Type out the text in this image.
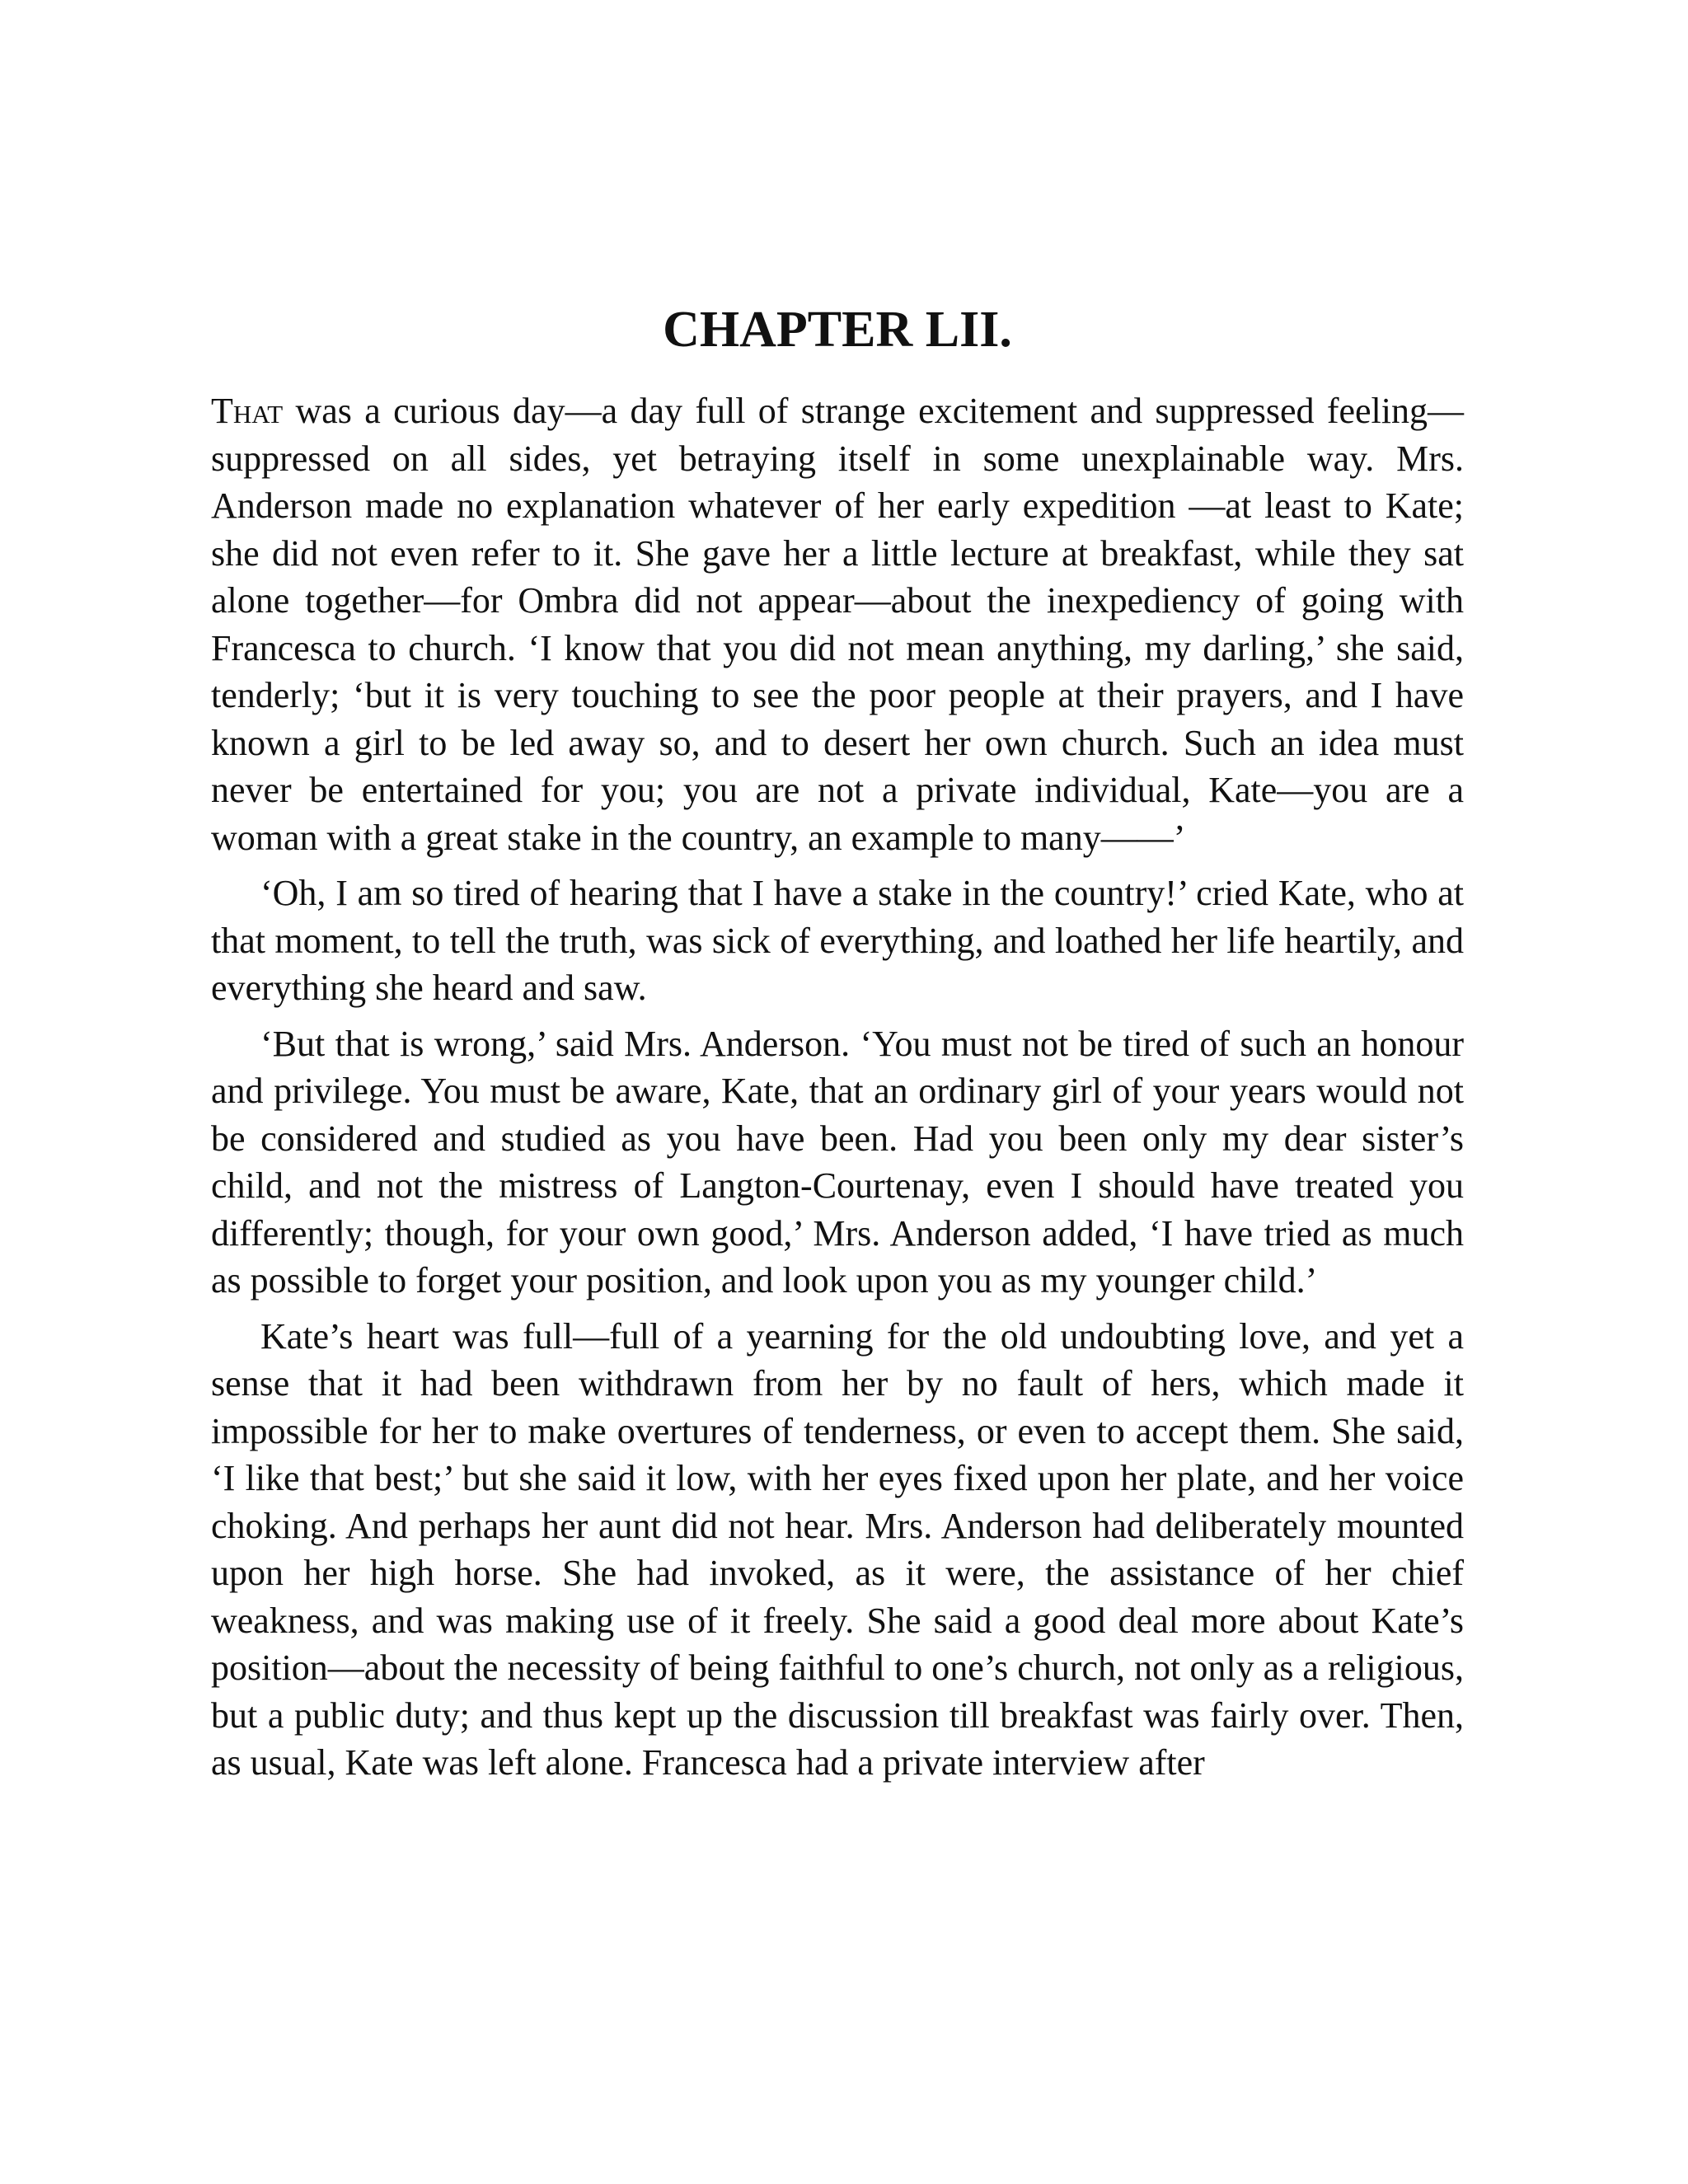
CHAPTER LII.

That was a curious day—a day full of strange excitement and suppressed feeling—suppressed on all sides, yet betraying itself in some unexplainable way. Mrs. Anderson made no explanation whatever of her early expedition —at least to Kate; she did not even refer to it. She gave her a little lecture at breakfast, while they sat alone together—for Ombra did not appear—about the inexpediency of going with Francesca to church. ‘I know that you did not mean anything, my darling,’ she said, tenderly; ‘but it is very touching to see the poor people at their prayers, and I have known a girl to be led away so, and to desert her own church. Such an idea must never be entertained for you; you are not a private individual, Kate—you are a woman with a great stake in the country, an example to many——’

‘Oh, I am so tired of hearing that I have a stake in the country!’ cried Kate, who at that moment, to tell the truth, was sick of everything, and loathed her life heartily, and everything she heard and saw.

‘But that is wrong,’ said Mrs. Anderson. ‘You must not be tired of such an honour and privilege. You must be aware, Kate, that an ordinary girl of your years would not be considered and studied as you have been. Had you been only my dear sister’s child, and not the mistress of Langton-Courtenay, even I should have treated you differently; though, for your own good,’ Mrs. Anderson added, ‘I have tried as much as possible to forget your position, and look upon you as my younger child.’

Kate’s heart was full—full of a yearning for the old undoubting love, and yet a sense that it had been withdrawn from her by no fault of hers, which made it impossible for her to make overtures of tenderness, or even to accept them. She said, ‘I like that best;’ but she said it low, with her eyes fixed upon her plate, and her voice choking. And perhaps her aunt did not hear. Mrs. Anderson had deliberately mounted upon her high horse. She had invoked, as it were, the assistance of her chief weakness, and was making use of it freely. She said a good deal more about Kate’s position—about the necessity of being faithful to one’s church, not only as a religious, but a public duty; and thus kept up the discussion till breakfast was fairly over. Then, as usual, Kate was left alone. Francesca had a private interview after
